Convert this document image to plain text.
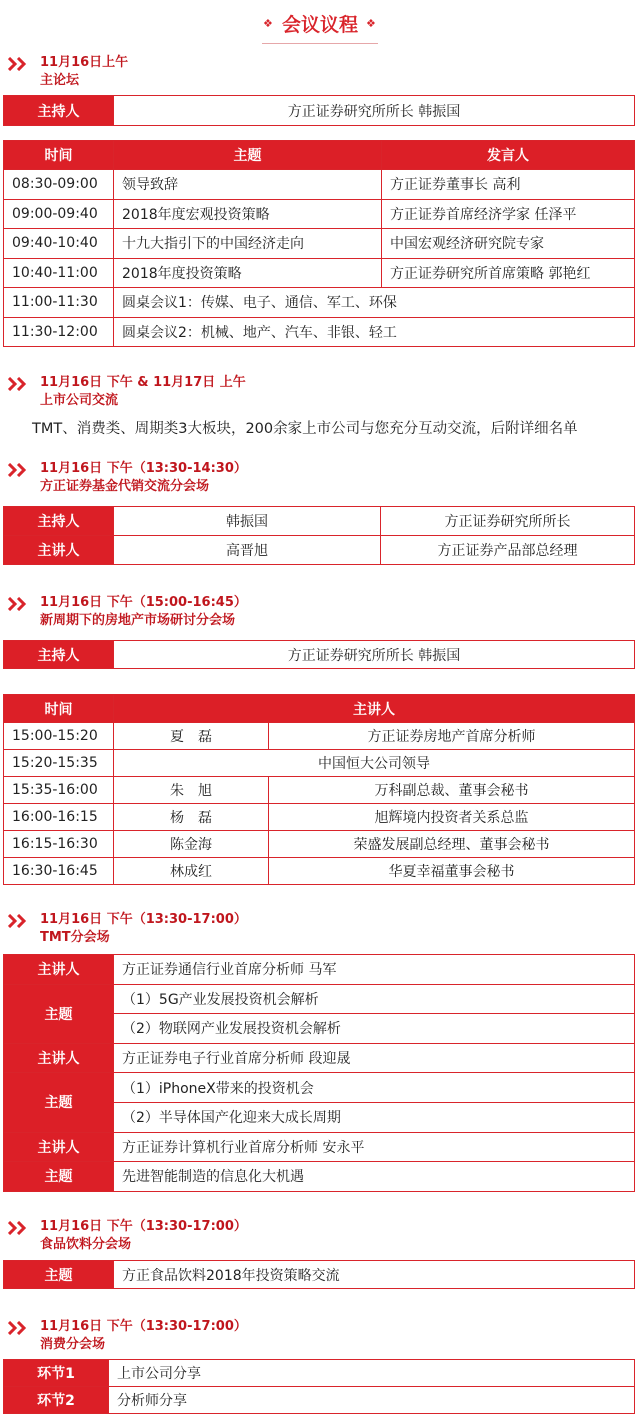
❖ 会议议程 ❖
11月16日上午
主论坛
主持人	方正证券研究所所长 韩振国
时间	主题	发言人
08:30-09:00	领导致辞	方正证券董事长 高利
09:00-09:40	2018年度宏观投资策略	方正证券首席经济学家 任泽平
09:40-10:40	十九大指引下的中国经济走向	中国宏观经济研究院专家
10:40-11:00	2018年度投资策略	方正证券研究所首席策略 郭艳红
11:00-11:30	圆桌会议1：传媒、电子、通信、军工、环保	
11:30-12:00	圆桌会议2：机械、地产、汽车、非银、轻工	
11月16日 下午 & 11月17日 上午
上市公司交流
TMT、消费类、周期类3大板块，200余家上市公司与您充分互动交流，后附详细名单
11月16日 下午（13:30-14:30）
方正证券基金代销交流分会场
主持人	韩振国	方正证券研究所所长
主讲人	高晋旭	方正证券产品部总经理
11月16日 下午（15:00-16:45）
新周期下的房地产市场研讨分会场
主持人	方正证券研究所所长 韩振国
时间	主讲人	
15:00-15:20	夏　磊	方正证券房地产首席分析师
15:20-15:35	中国恒大公司领导	
15:35-16:00	朱　旭	万科副总裁、董事会秘书
16:00-16:15	杨　磊	旭辉境内投资者关系总监
16:15-16:30	陈金海	荣盛发展副总经理、董事会秘书
16:30-16:45	林成红	华夏幸福董事会秘书
11月16日 下午（13:30-17:00）
TMT分会场
主讲人	方正证券通信行业首席分析师 马军
主题	（1）5G产业发展投资机会解析
	（2）物联网产业发展投资机会解析
主讲人	方正证券电子行业首席分析师 段迎晟
主题	（1）iPhoneX带来的投资机会
	（2）半导体国产化迎来大成长周期
主讲人	方正证券计算机行业首席分析师 安永平
主题	先进智能制造的信息化大机遇
11月16日 下午（13:30-17:00）
食品饮料分会场
主题	方正食品饮料2018年投资策略交流
11月16日 下午（13:30-17:00）
消费分会场
环节1	上市公司分享
环节2	分析师分享
